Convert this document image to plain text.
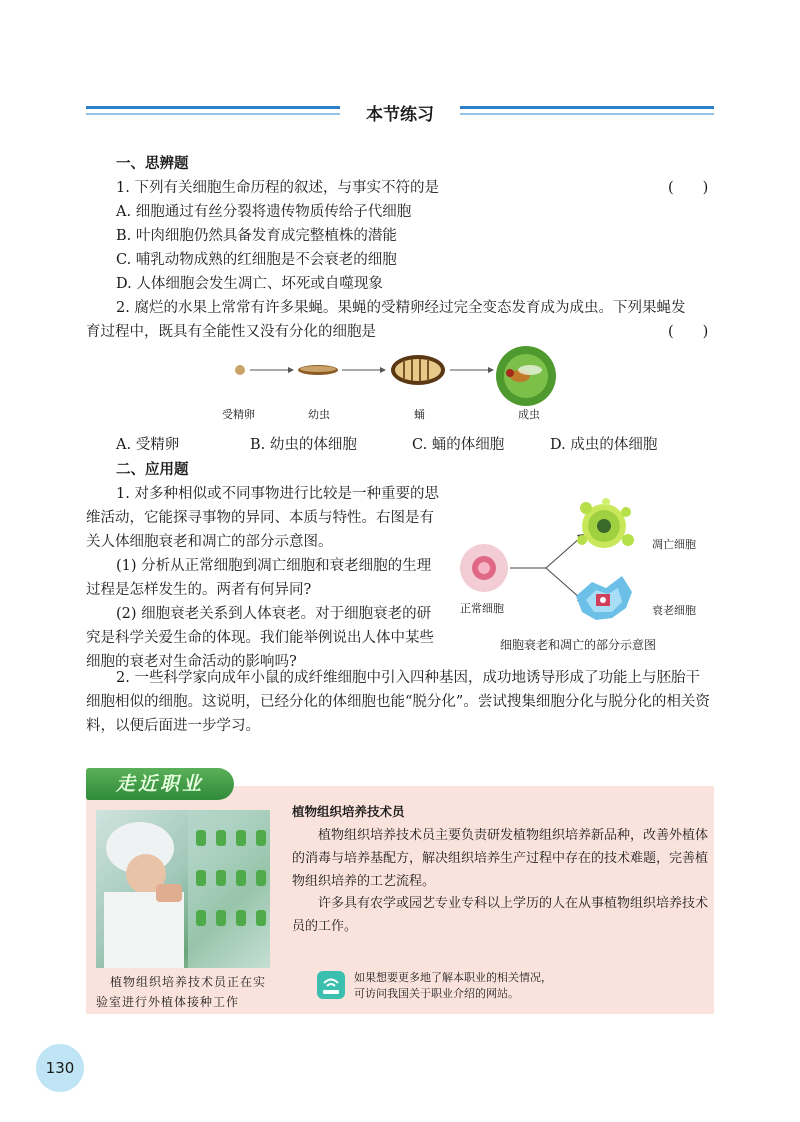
本节练习
一、思辨题
1. 下列有关细胞生命历程的叙述，与事实不符的是	(　　)
A. 细胞通过有丝分裂将遗传物质传给子代细胞
B. 叶肉细胞仍然具备发育成完整植株的潜能
C. 哺乳动物成熟的红细胞是不会衰老的细胞
D. 人体细胞会发生凋亡、坏死或自噬现象
2. 腐烂的水果上常常有许多果蝇。果蝇的受精卵经过完全变态发育成为成虫。下列果蝇发
育过程中，既具有全能性又没有分化的细胞是	(　　)
受精卵	幼虫	蛹	成虫
A. 受精卵	B. 幼虫的体细胞	C. 蛹的体细胞	D. 成虫的体细胞
二、应用题
1. 对多种相似或不同事物进行比较是一种重要的思维活动，它能探寻事物的异同、本质与特性。右图是有关人体细胞衰老和凋亡的部分示意图。
(1) 分析从正常细胞到凋亡细胞和衰老细胞的生理过程是怎样发生的。两者有何异同?
(2) 细胞衰老关系到人体衰老。对于细胞衰老的研究是科学关爱生命的体现。我们能举例说出人体中某些细胞的衰老对生命活动的影响吗?
正常细胞
凋亡细胞
衰老细胞
细胞衰老和凋亡的部分示意图
2. 一些科学家向成年小鼠的成纤维细胞中引入四种基因，成功地诱导形成了功能上与胚胎干细胞相似的细胞。这说明，已经分化的体细胞也能“脱分化”。尝试搜集细胞分化与脱分化的相关资料，以便后面进一步学习。
走近职业
植物组织培养技术员正在实验室进行外植体接种工作
植物组织培养技术员
植物组织培养技术员主要负责研发植物组织培养新品种，改善外植体的消毒与培养基配方，解决组织培养生产过程中存在的技术难题，完善植物组织培养的工艺流程。
许多具有农学或园艺专业专科以上学历的人在从事植物组织培养技术员的工作。
如果想要更多地了解本职业的相关情况，
可访问我国关于职业介绍的网站。
130
